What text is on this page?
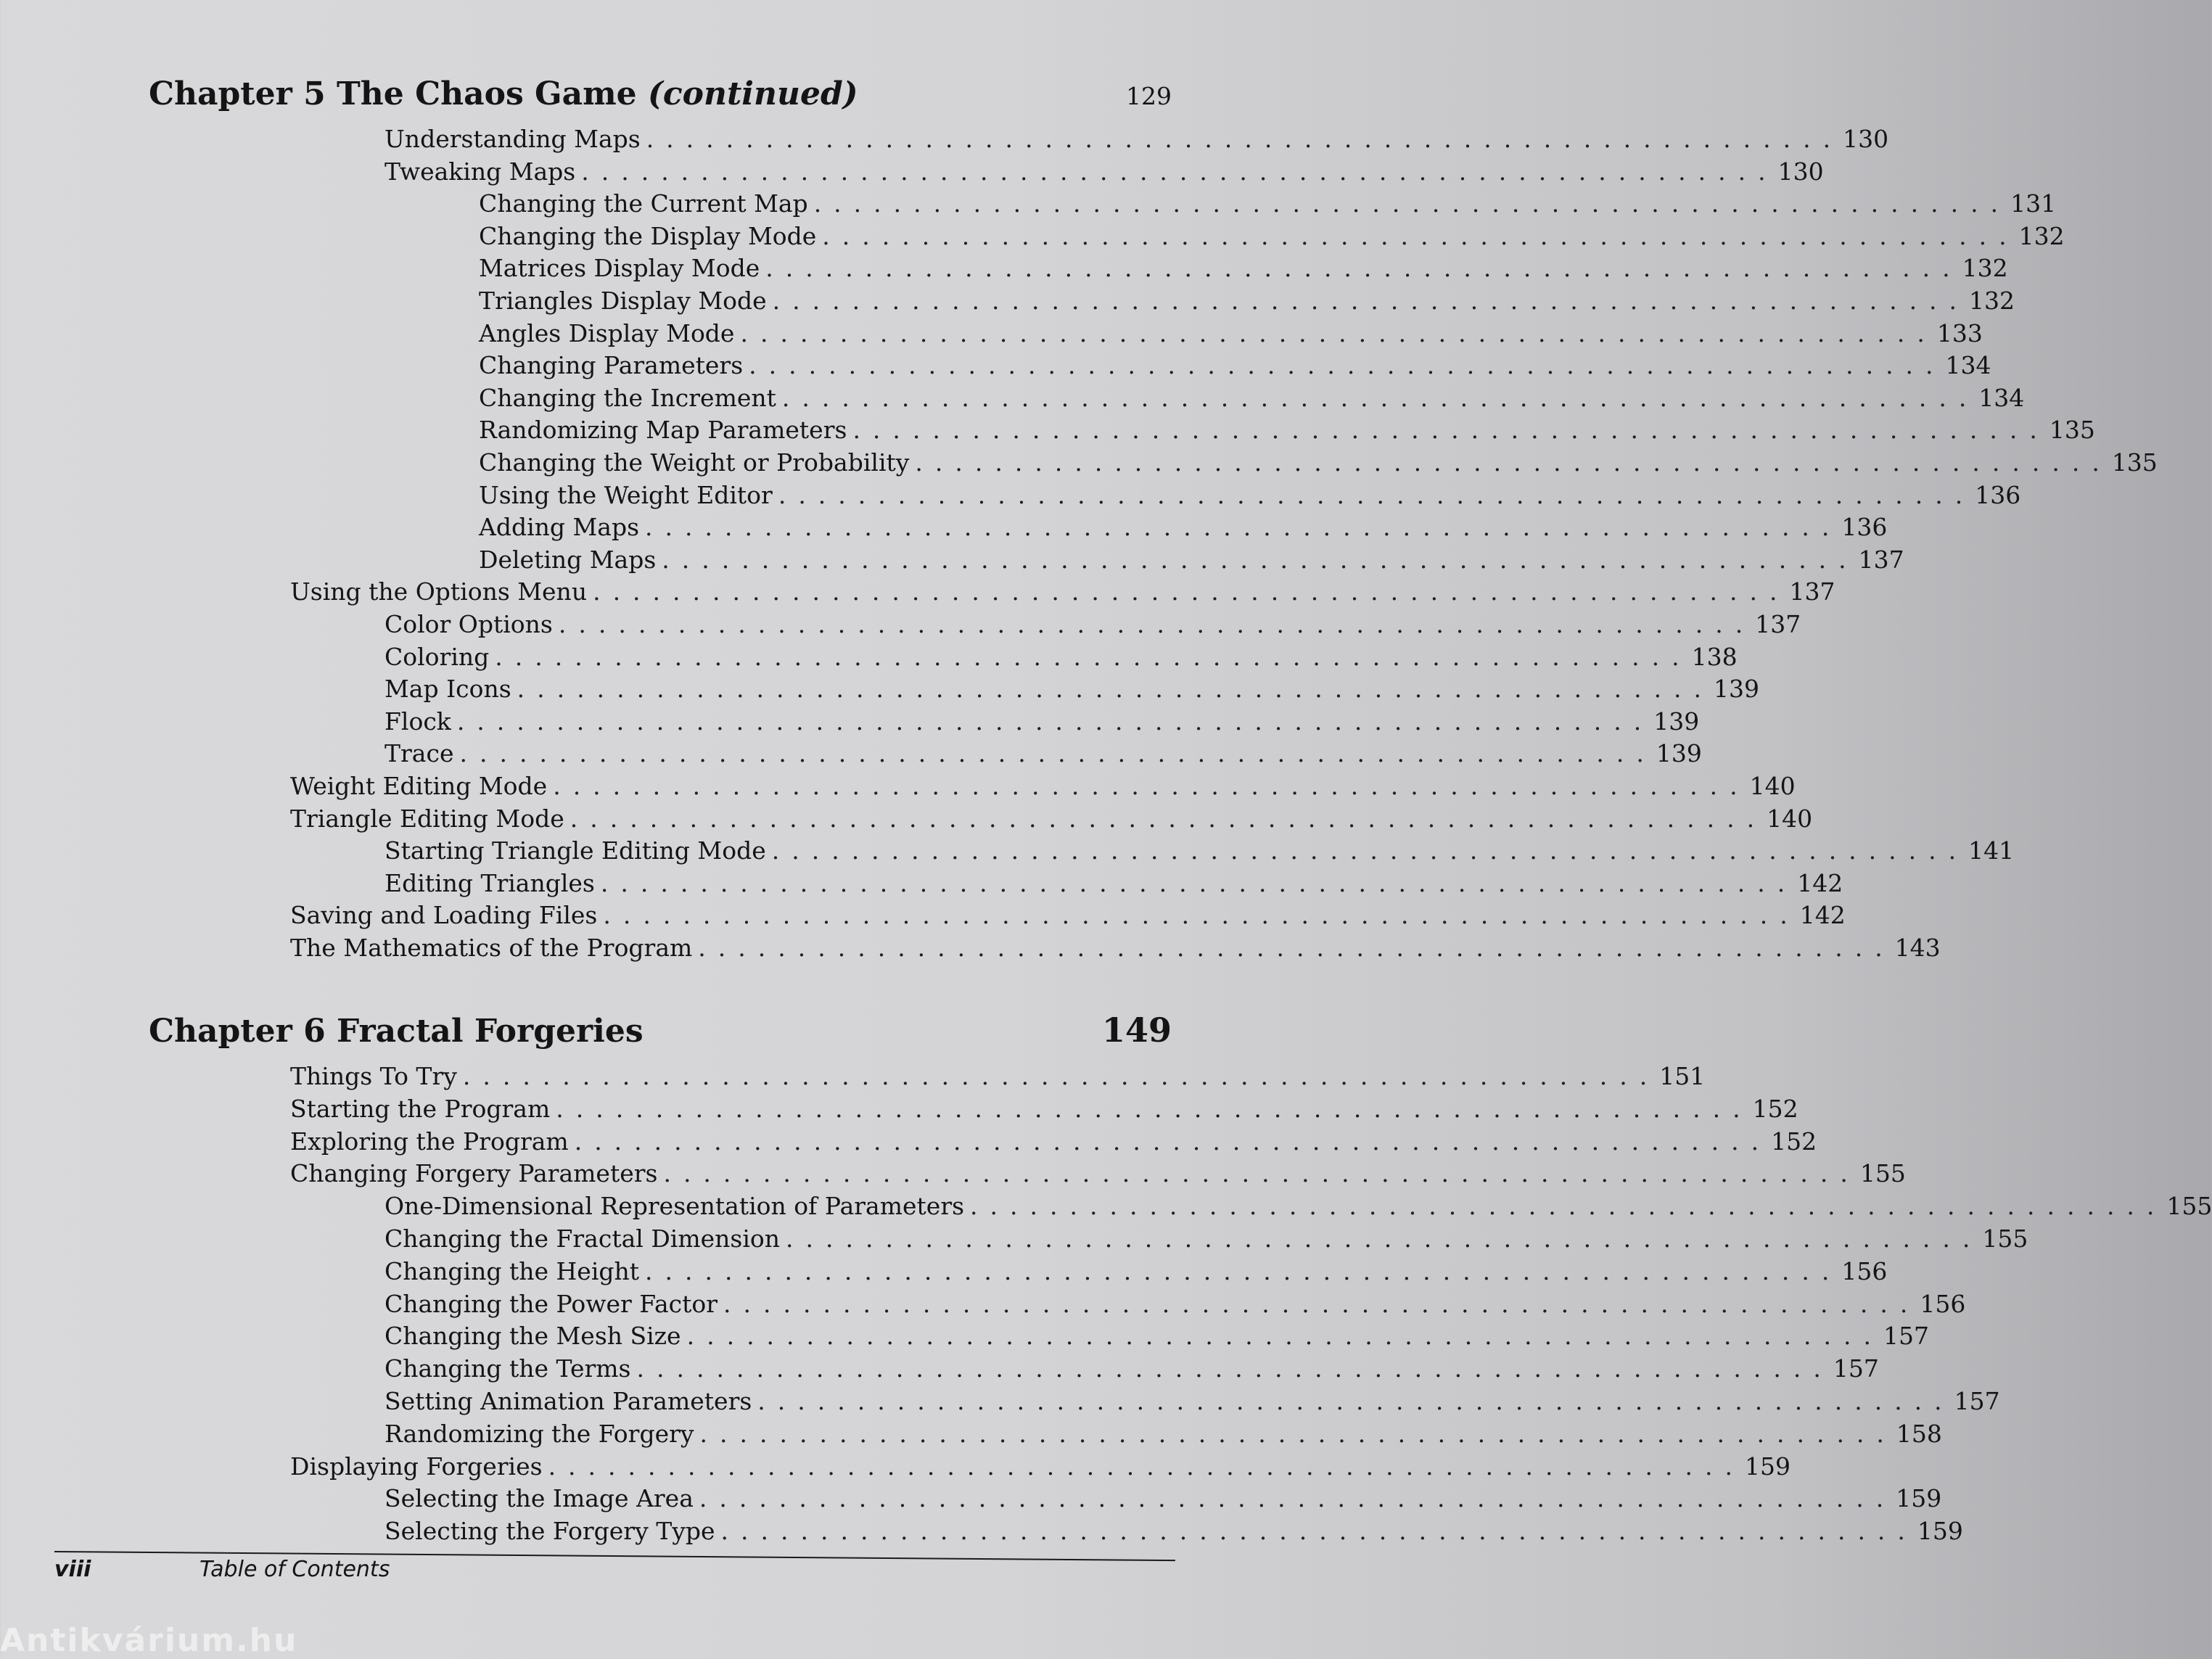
Chapter 5 The Chaos Game (continued)	129
Understanding Maps ............................................................ 130
Tweaking Maps ............................................................ 130
Changing the Current Map ............................................................ 131
Changing the Display Mode ............................................................ 132
Matrices Display Mode ............................................................ 132
Triangles Display Mode ............................................................ 132
Angles Display Mode ............................................................ 133
Changing Parameters ............................................................ 134
Changing the Increment ............................................................ 134
Randomizing Map Parameters ............................................................ 135
Changing the Weight or Probability ............................................................ 135
Using the Weight Editor ............................................................ 136
Adding Maps ............................................................ 136
Deleting Maps ............................................................ 137
Using the Options Menu ............................................................ 137
Color Options ............................................................ 137
Coloring ............................................................ 138
Map Icons ............................................................ 139
Flock ............................................................ 139
Trace ............................................................ 139
Weight Editing Mode ............................................................ 140
Triangle Editing Mode ............................................................ 140
Starting Triangle Editing Mode ............................................................ 141
Editing Triangles ............................................................ 142
Saving and Loading Files ............................................................ 142
The Mathematics of the Program ............................................................ 143
Chapter 6 Fractal Forgeries	149
Things To Try ............................................................ 151
Starting the Program ............................................................ 152
Exploring the Program ............................................................ 152
Changing Forgery Parameters ............................................................ 155
One-Dimensional Representation of Parameters ............................................................ 155
Changing the Fractal Dimension ............................................................ 155
Changing the Height ............................................................ 156
Changing the Power Factor ............................................................ 156
Changing the Mesh Size ............................................................ 157
Changing the Terms ............................................................ 157
Setting Animation Parameters ............................................................ 157
Randomizing the Forgery ............................................................ 158
Displaying Forgeries ............................................................ 159
Selecting the Image Area ............................................................ 159
Selecting the Forgery Type ............................................................ 159
viii	Table of Contents
Antikvárium.hu
